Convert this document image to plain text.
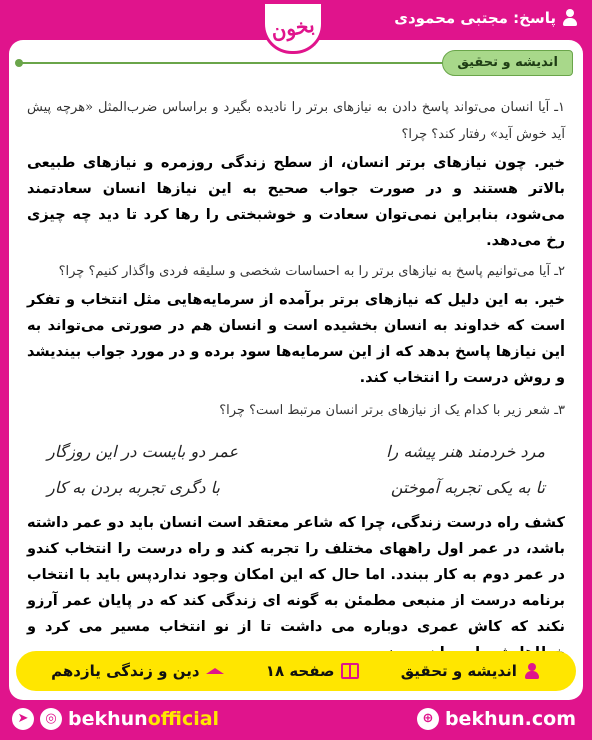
پاسخ: مجتبی محمودی
اندیشه و تحقیق
۱ـ آیا انسان می‌تواند پاسخ دادن به نیازهای برتر را نادیده بگیرد و براساس ضرب‌المثل «هرچه پیش آید خوش آید» رفتار کند؟ چرا؟
خیر. چون نیازهای برتر انسان، از سطح زندگی روزمره و نیازهای طبیعی بالاتر هستند و در صورت جواب صحیح به این نیازها انسان سعادتمند می‌شود، بنابراین نمی‌توان سعادت و خوشبختی را رها کرد تا دید چه چیزی رخ می‌دهد.
۲ـ آیا می‌توانیم پاسخ به نیازهای برتر را به احساسات شخصی و سلیقه فردی واگذار کنیم؟ چرا؟
خیر. به این دلیل که نیازهای برتر برآمده از سرمایه‌هایی مثل انتخاب و تفکر است که خداوند به انسان بخشیده است و انسان هم در صورتی می‌تواند به این نیازها پاسخ بدهد که از این سرمایه‌ها سود برده و در مورد جواب بیندیشد و روش درست را انتخاب کند.
۳ـ شعر زیر با کدام یک از نیازهای برتر انسان مرتبط است؟ چرا؟
مرد خردمند هنر پیشه را
عمر دو بایست در این روزگار
تا به یکی تجربه آموختن
با دگری تجربه بردن به کار
کشف راه درست زندگی، چرا که شاعر معتقد است انسان باید دو عمر داشته باشد، در عمر اول راههای مختلف را تجربه کند و راه درست را انتخاب کندو در عمر دوم به کار ببندد. اما حال که این امکان وجود ندارد‌پس باید با انتخاب برنامه درست از منبعی مطمئن به گونه ای زندگی کند که در پایان عمر آرزو نکند که کاش عمری دوباره می داشت تا از نو انتخاب مسیر می کرد و
اندیشه و تحقیق
صفحه ۱۸
دین و زندگی یازدهم
بخون
➤	◎ bekhunofficial	⊕ bekhun.com
